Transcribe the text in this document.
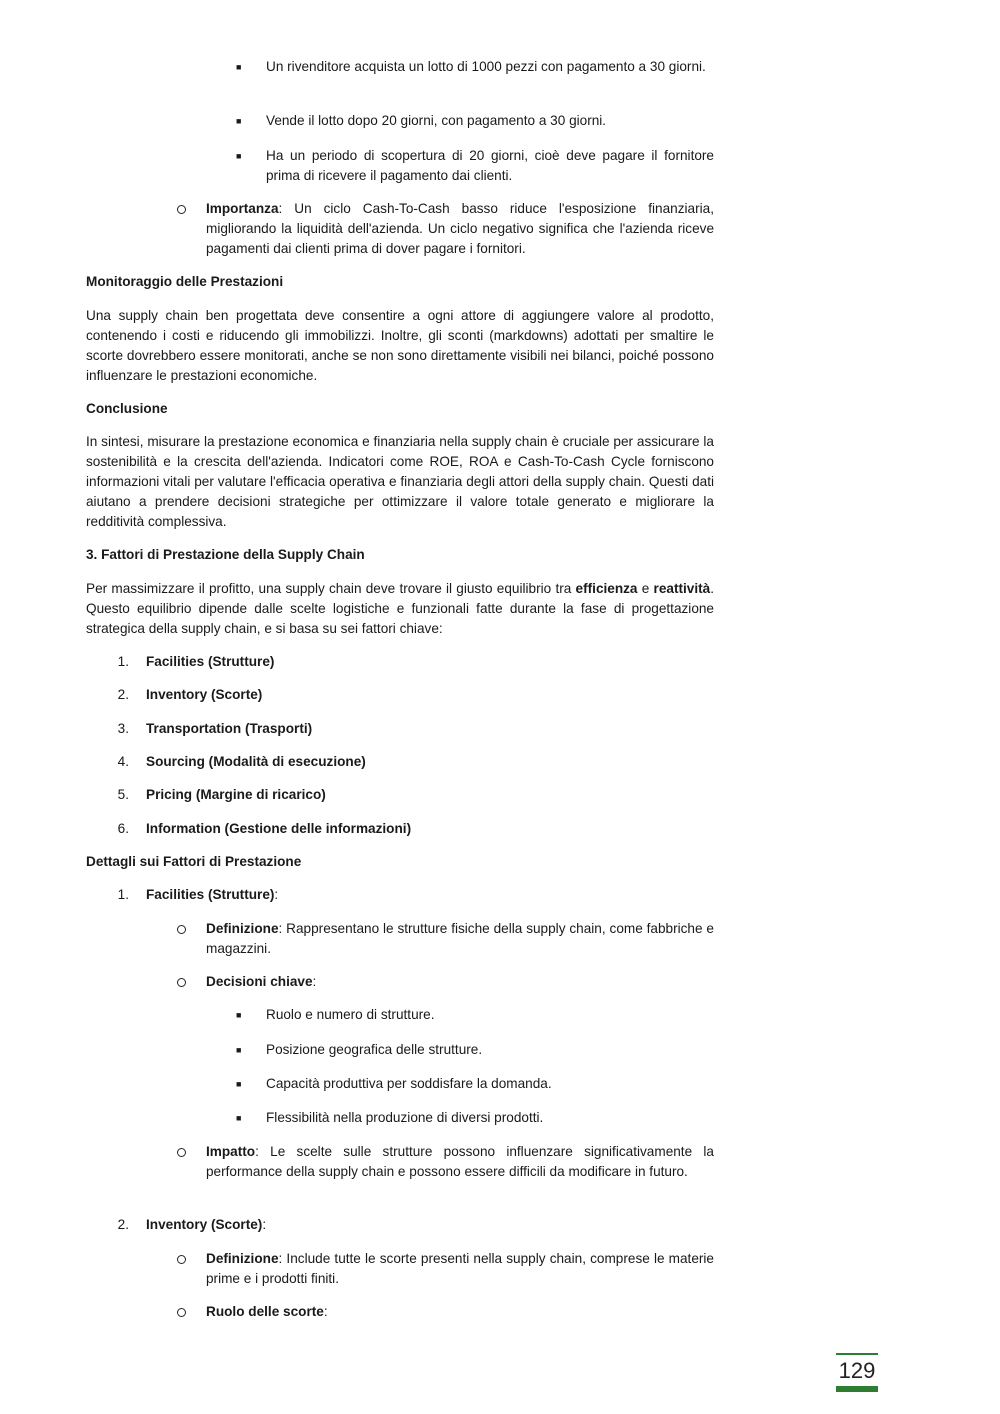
■ Un rivenditore acquista un lotto di 1000 pezzi con pagamento a 30 giorni.

■ Vende il lotto dopo 20 giorni, con pagamento a 30 giorni.

■ Ha un periodo di scopertura di 20 giorni, cioè deve pagare il fornitore prima di ricevere il pagamento dai clienti.

Importanza: Un ciclo Cash-To-Cash basso riduce l'esposizione finanziaria, migliorando la liquidità dell'azienda. Un ciclo negativo significa che l'azienda riceve pagamenti dai clienti prima di dover pagare i fornitori.

Monitoraggio delle Prestazioni

Una supply chain ben progettata deve consentire a ogni attore di aggiungere valore al prodotto, contenendo i costi e riducendo gli immobilizzi. Inoltre, gli sconti (markdowns) adottati per smaltire le scorte dovrebbero essere monitorati, anche se non sono direttamente visibili nei bilanci, poiché possono influenzare le prestazioni economiche.

Conclusione

In sintesi, misurare la prestazione economica e finanziaria nella supply chain è cruciale per assicurare la sostenibilità e la crescita dell'azienda. Indicatori come ROE, ROA e Cash-To-Cash Cycle forniscono informazioni vitali per valutare l'efficacia operativa e finanziaria degli attori della supply chain. Questi dati aiutano a prendere decisioni strategiche per ottimizzare il valore totale generato e migliorare la redditività complessiva.

3. Fattori di Prestazione della Supply Chain

Per massimizzare il profitto, una supply chain deve trovare il giusto equilibrio tra efficienza e reattività. Questo equilibrio dipende dalle scelte logistiche e funzionali fatte durante la fase di progettazione strategica della supply chain, e si basa su sei fattori chiave:

1. Facilities (Strutture)
2. Inventory (Scorte)
3. Transportation (Trasporti)
4. Sourcing (Modalità di esecuzione)
5. Pricing (Margine di ricarico)
6. Information (Gestione delle informazioni)

Dettagli sui Fattori di Prestazione

1. Facilities (Strutture):

Definizione: Rappresentano le strutture fisiche della supply chain, come fabbriche e magazzini.

Decisioni chiave:
■ Ruolo e numero di strutture.
■ Posizione geografica delle strutture.
■ Capacità produttiva per soddisfare la domanda.
■ Flessibilità nella produzione di diversi prodotti.

Impatto: Le scelte sulle strutture possono influenzare significativamente la performance della supply chain e possono essere difficili da modificare in futuro.

2. Inventory (Scorte):

Definizione: Include tutte le scorte presenti nella supply chain, comprese le materie prime e i prodotti finiti.

Ruolo delle scorte:
129
